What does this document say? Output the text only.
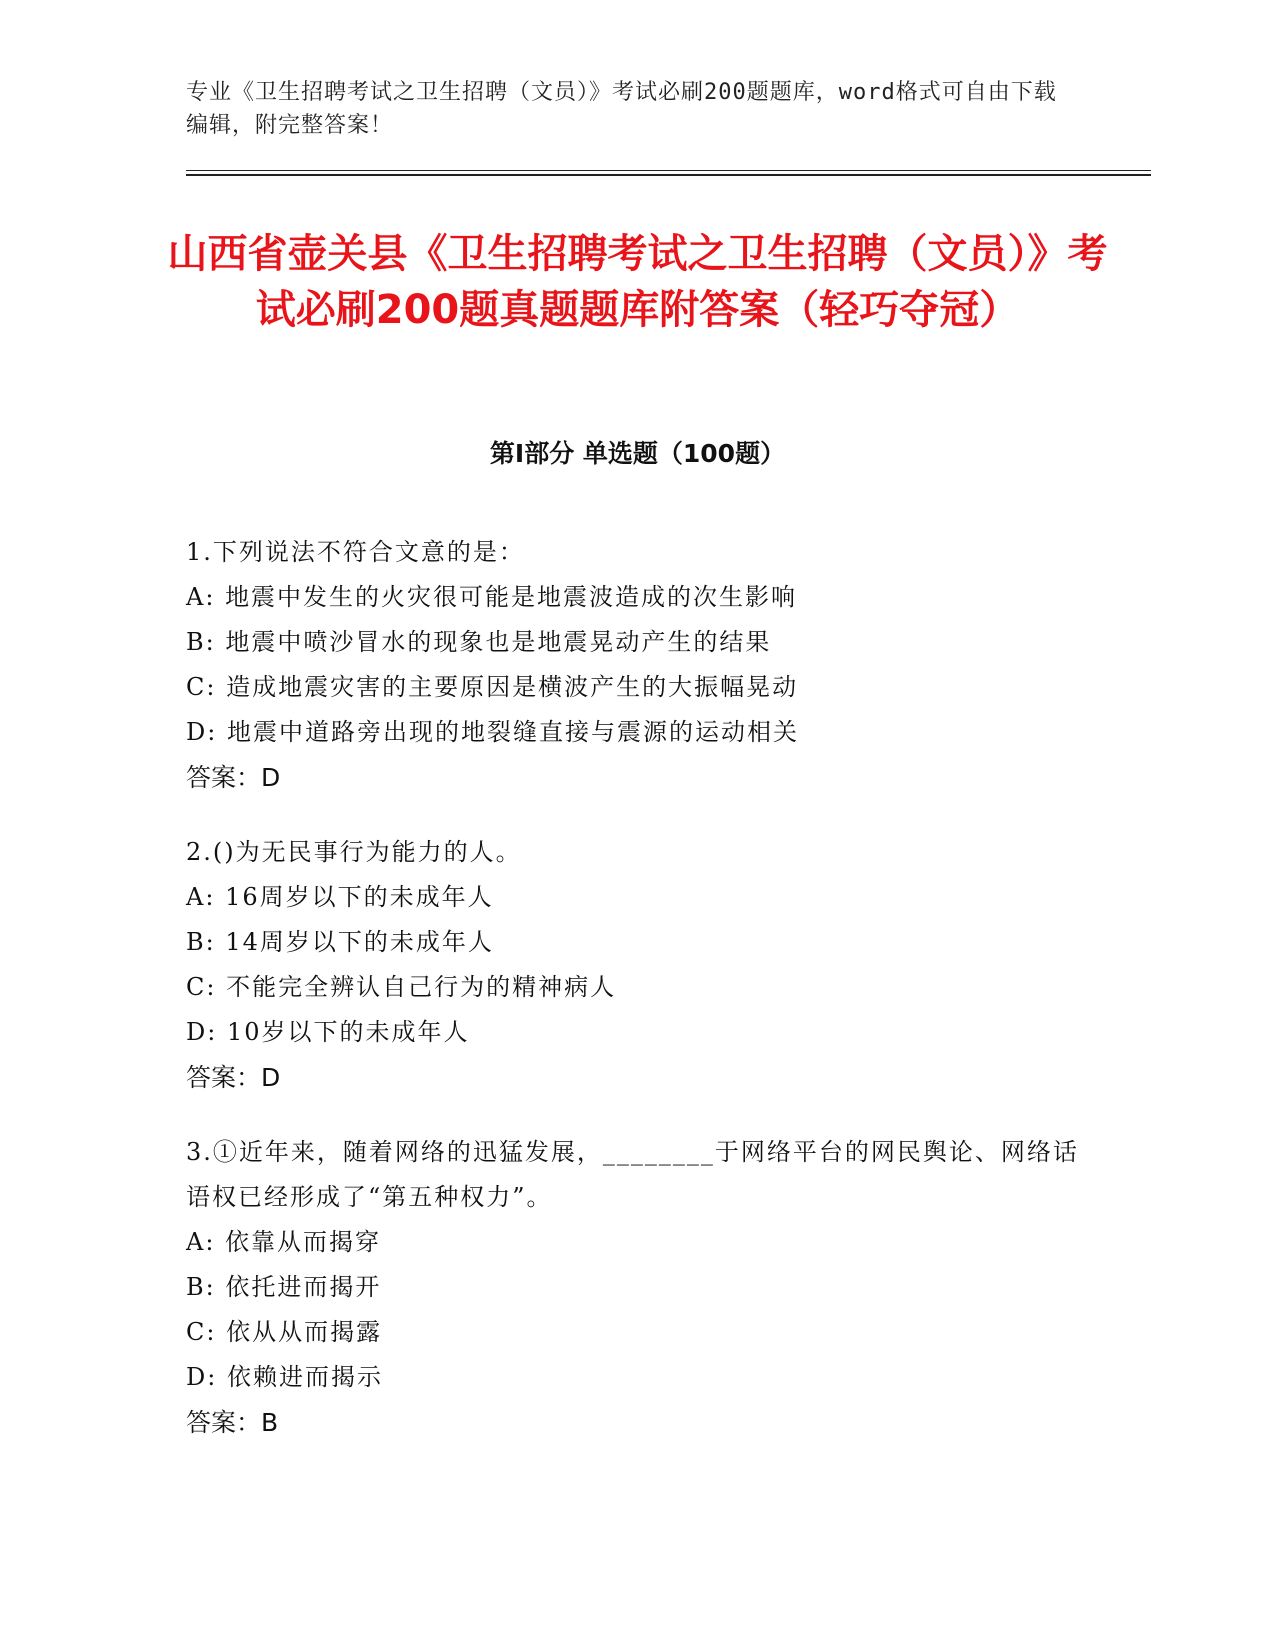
专业《卫生招聘考试之卫生招聘（文员）》考试必刷200题题库，word格式可自由下载编辑，附完整答案！
山西省壶关县《卫生招聘考试之卫生招聘（文员）》考试必刷200题真题题库附答案（轻巧夺冠）
第I部分 单选题（100题）
1.下列说法不符合文意的是：
A: 地震中发生的火灾很可能是地震波造成的次生影响
B: 地震中喷沙冒水的现象也是地震晃动产生的结果
C: 造成地震灾害的主要原因是横波产生的大振幅晃动
D: 地震中道路旁出现的地裂缝直接与震源的运动相关
答案：D
2.()为无民事行为能力的人。
A: 16周岁以下的未成年人
B: 14周岁以下的未成年人
C: 不能完全辨认自己行为的精神病人
D: 10岁以下的未成年人
答案：D
3.①近年来，随着网络的迅猛发展，________于网络平台的网民舆论、网络话语权已经形成了“第五种权力”。
A: 依靠从而揭穿
B: 依托进而揭开
C: 依从从而揭露
D: 依赖进而揭示
答案：B
